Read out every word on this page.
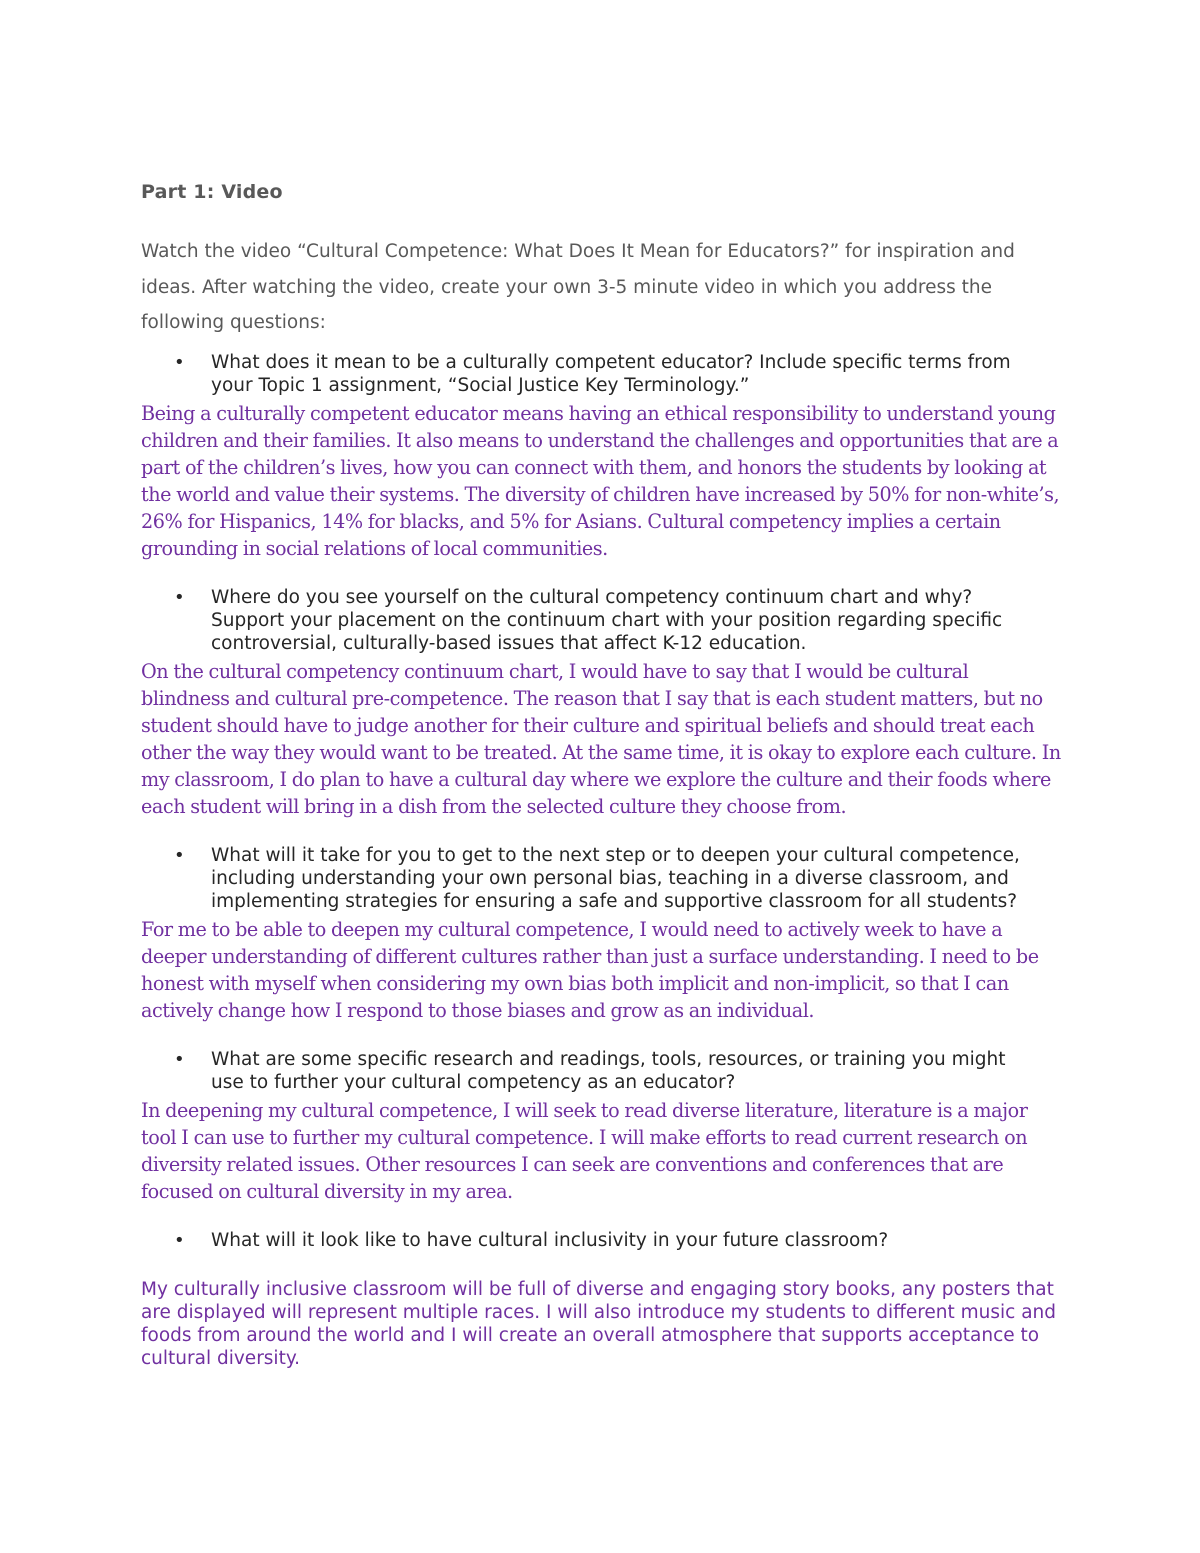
Part 1: Video

Watch the video “Cultural Competence: What Does It Mean for Educators?” for inspiration and ideas. After watching the video, create your own 3-5 minute video in which you address the following questions:

•	What does it mean to be a culturally competent educator? Include specific terms from your Topic 1 assignment, “Social Justice Key Terminology.”

Being a culturally competent educator means having an ethical responsibility to understand young children and their families. It also means to understand the challenges and opportunities that are a part of the children’s lives, how you can connect with them, and honors the students by looking at the world and value their systems. The diversity of children have increased by 50% for non-white’s, 26% for Hispanics, 14% for blacks, and 5% for Asians. Cultural competency implies a certain grounding in social relations of local communities.

•	Where do you see yourself on the cultural competency continuum chart and why? Support your placement on the continuum chart with your position regarding specific controversial, culturally-based issues that affect K-12 education.

On the cultural competency continuum chart, I would have to say that I would be cultural blindness and cultural pre-competence. The reason that I say that is each student matters, but no student should have to judge another for their culture and spiritual beliefs and should treat each other the way they would want to be treated. At the same time, it is okay to explore each culture. In my classroom, I do plan to have a cultural day where we explore the culture and their foods where each student will bring in a dish from the selected culture they choose from.

•	What will it take for you to get to the next step or to deepen your cultural competence, including understanding your own personal bias, teaching in a diverse classroom, and implementing strategies for ensuring a safe and supportive classroom for all students?

For me to be able to deepen my cultural competence, I would need to actively week to have a deeper understanding of different cultures rather than just a surface understanding. I need to be honest with myself when considering my own bias both implicit and non-implicit, so that I can actively change how I respond to those biases and grow as an individual.

•	What are some specific research and readings, tools, resources, or training you might use to further your cultural competency as an educator?

In deepening my cultural competence, I will seek to read diverse literature, literature is a major tool I can use to further my cultural competence. I will make efforts to read current research on diversity related issues. Other resources I can seek are conventions and conferences that are focused on cultural diversity in my area.

•	What will it look like to have cultural inclusivity in your future classroom?

My culturally inclusive classroom will be full of diverse and engaging story books, any posters that are displayed will represent multiple races. I will also introduce my students to different music and foods from around the world and I will create an overall atmosphere that supports acceptance to cultural diversity.
